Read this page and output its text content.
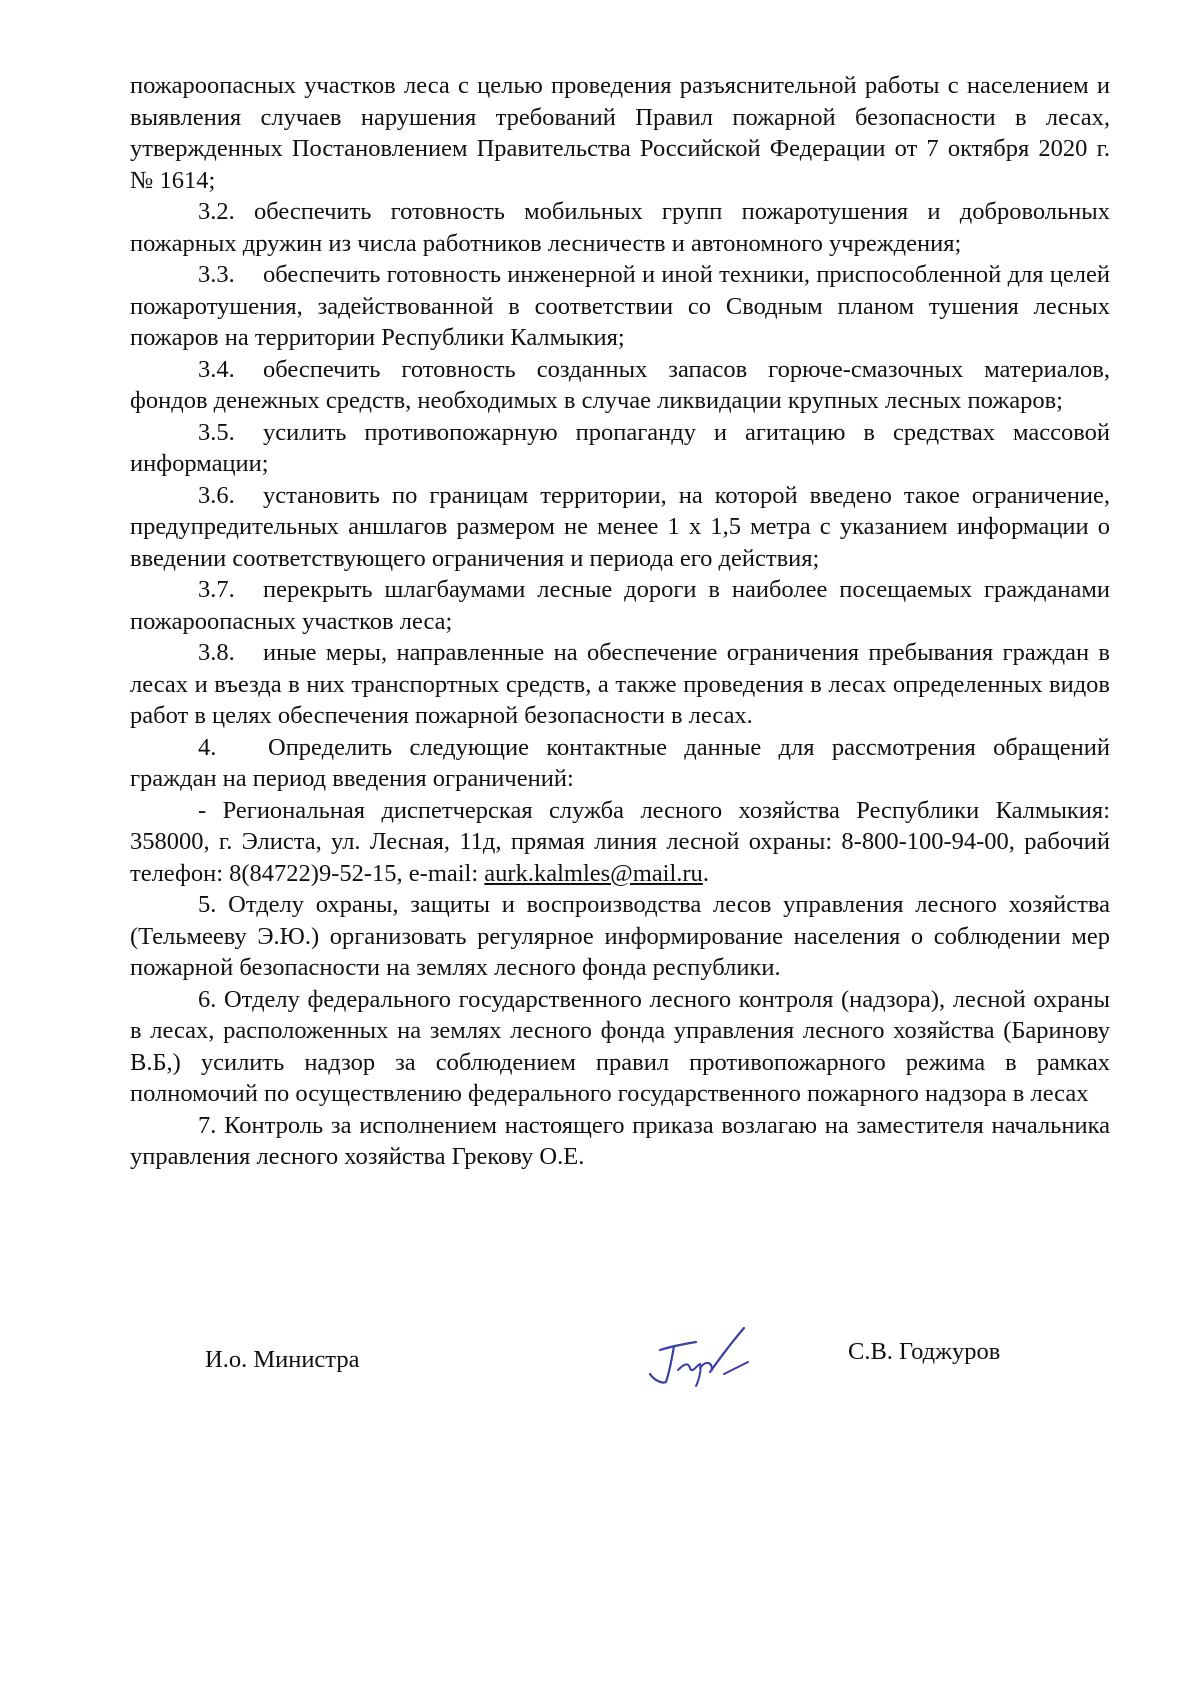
пожароопасных участков леса с целью проведения разъяснительной работы с населением и выявления случаев нарушения требований Правил пожарной безопасности в лесах, утвержденных Постановлением Правительства Российской Федерации от 7 октября 2020 г. № 1614;

3.2. обеспечить готовность мобильных групп пожаротушения и добровольных пожарных дружин из числа работников лесничеств и автономного учреждения;

3.3. обеспечить готовность инженерной и иной техники, приспособленной для целей пожаротушения, задействованной в соответствии со Сводным планом тушения лесных пожаров на территории Республики Калмыкия;

3.4. обеспечить готовность созданных запасов горюче-смазочных материалов, фондов денежных средств, необходимых в случае ликвидации крупных лесных пожаров;

3.5. усилить противопожарную пропаганду и агитацию в средствах массовой информации;

3.6. установить по границам территории, на которой введено такое ограничение, предупредительных аншлагов размером не менее 1 х 1,5 метра с указанием информации о введении соответствующего ограничения и периода его действия;

3.7. перекрыть шлагбаумами лесные дороги в наиболее посещаемых гражданами пожароопасных участков леса;

3.8. иные меры, направленные на обеспечение ограничения пребывания граждан в лесах и въезда в них транспортных средств, а также проведения в лесах определенных видов работ в целях обеспечения пожарной безопасности в лесах.

4. Определить следующие контактные данные для рассмотрения обращений граждан на период введения ограничений:

- Региональная диспетчерская служба лесного хозяйства Республики Калмыкия: 358000, г. Элиста, ул. Лесная, 11д, прямая линия лесной охраны: 8-800-100-94-00, рабочий телефон: 8(84722)9-52-15, e-mail: aurk.kalmles@mail.ru.

5. Отделу охраны, защиты и воспроизводства лесов управления лесного хозяйства (Тельмееву Э.Ю.) организовать регулярное информирование населения о соблюдении мер пожарной безопасности на землях лесного фонда республики.

6. Отделу федерального государственного лесного контроля (надзора), лесной охраны в лесах, расположенных на землях лесного фонда управления лесного хозяйства (Баринову В.Б,) усилить надзор за соблюдением правил противопожарного режима в рамках полномочий по осуществлению федерального государственного пожарного надзора в лесах

7. Контроль за исполнением настоящего приказа возлагаю на заместителя начальника управления лесного хозяйства Грекову О.Е.

И.о. Министра	С.В. Годжуров
